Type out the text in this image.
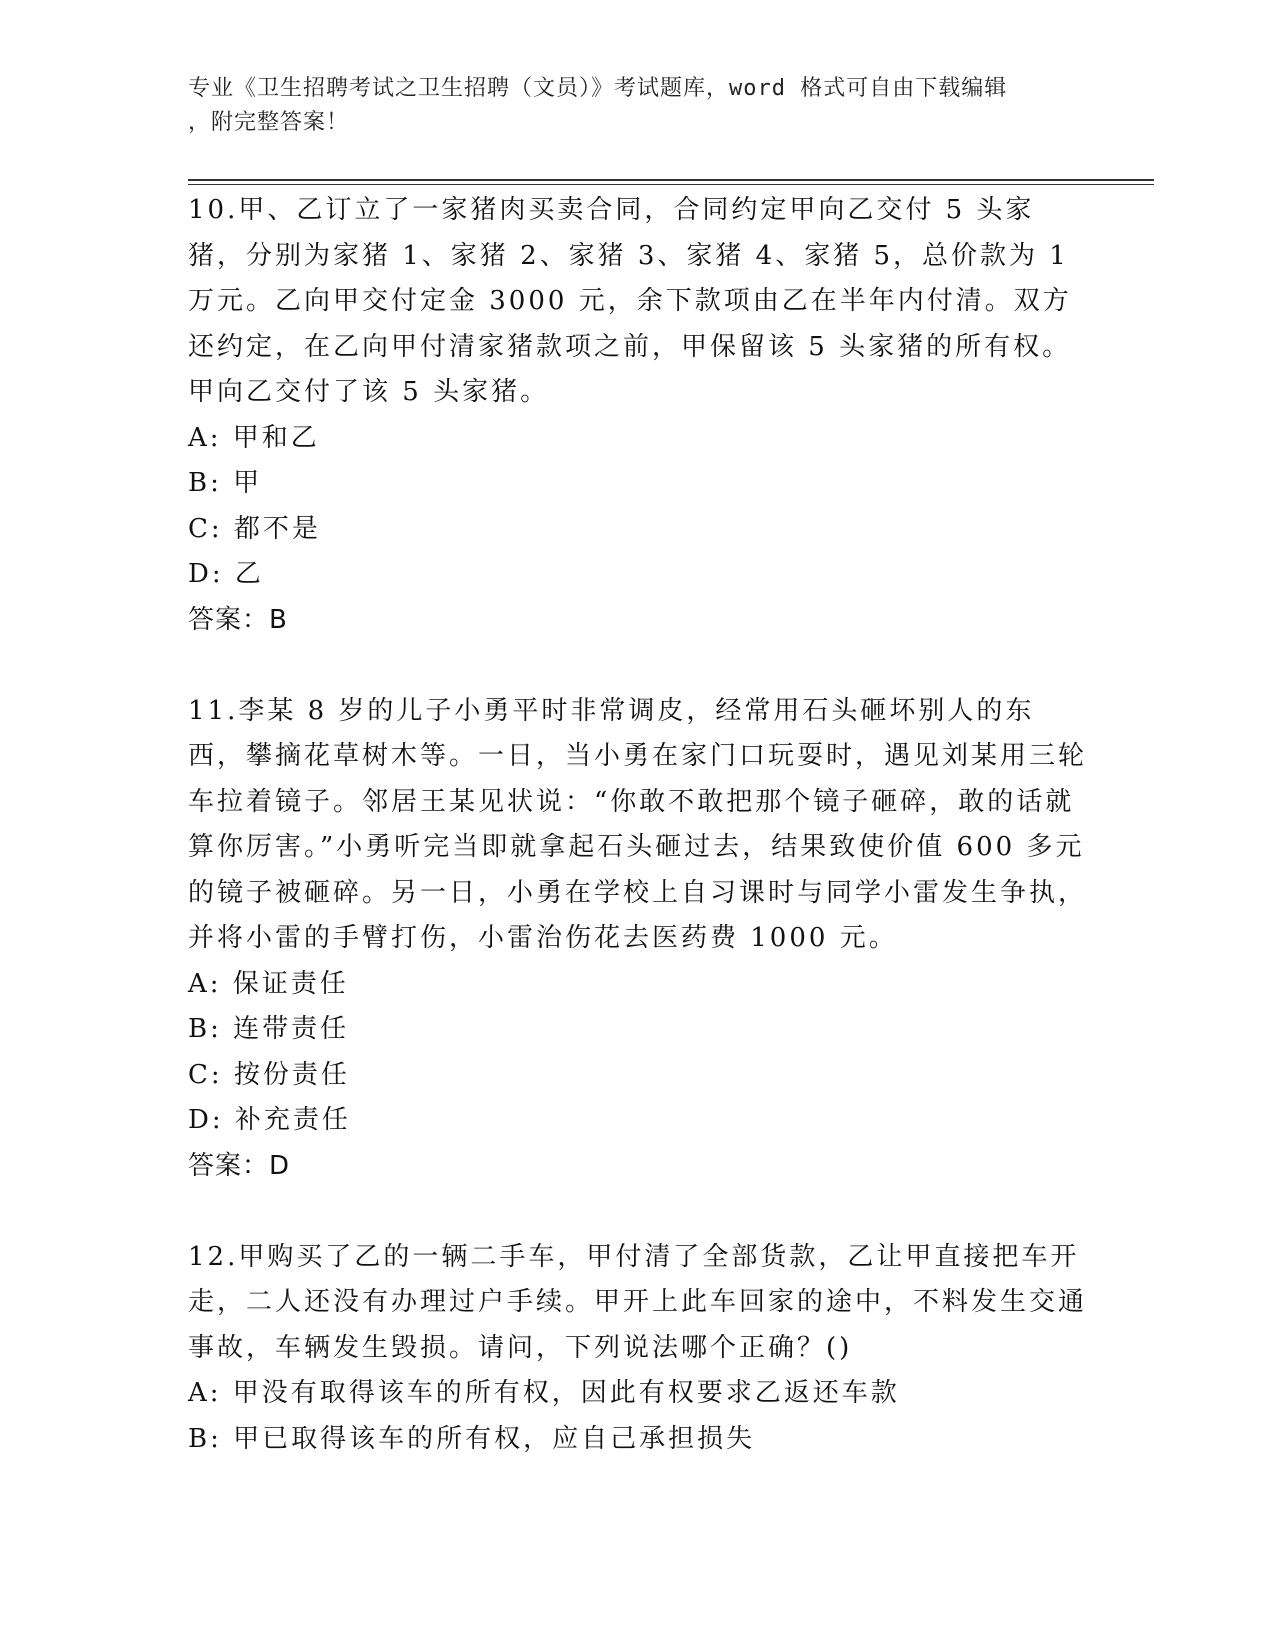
专业《卫生招聘考试之卫生招聘（文员）》考试题库，word 格式可自由下载编辑
，附完整答案！

10.甲、乙订立了一家猪肉买卖合同，合同约定甲向乙交付 5 头家猪，分别为家猪 1、家猪 2、家猪 3、家猪 4、家猪 5，总价款为 1 万元。乙向甲交付定金 3000 元，余下款项由乙在半年内付清。双方还约定，在乙向甲付清家猪款项之前，甲保留该 5 头家猪的所有权。甲向乙交付了该 5 头家猪。

A: 甲和乙

B: 甲

C: 都不是

D: 乙

答案：B

11.李某 8 岁的儿子小勇平时非常调皮，经常用石头砸坏别人的东西，攀摘花草树木等。一日，当小勇在家门口玩耍时，遇见刘某用三轮车拉着镜子。邻居王某见状说：“你敢不敢把那个镜子砸碎，敢的话就算你厉害。”小勇听完当即就拿起石头砸过去，结果致使价值 600 多元的镜子被砸碎。另一日，小勇在学校上自习课时与同学小雷发生争执，并将小雷的手臂打伤，小雷治伤花去医药费 1000 元。

A: 保证责任

B: 连带责任

C: 按份责任

D: 补充责任

答案：D

12.甲购买了乙的一辆二手车，甲付清了全部货款，乙让甲直接把车开走，二人还没有办理过户手续。甲开上此车回家的途中，不料发生交通事故，车辆发生毁损。请问，下列说法哪个正确？()

A: 甲没有取得该车的所有权，因此有权要求乙返还车款

B: 甲已取得该车的所有权，应自己承担损失
